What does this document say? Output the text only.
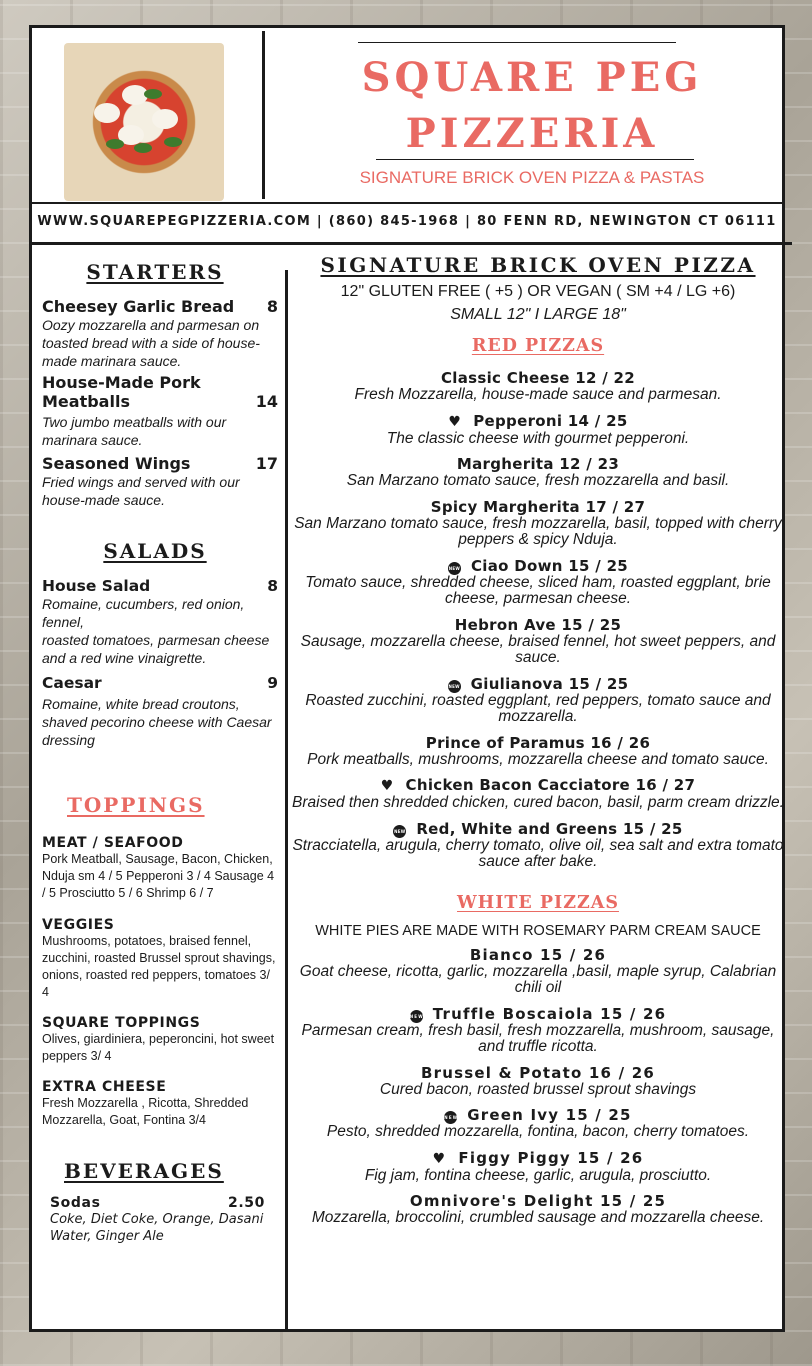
SQUARE PEG
PIZZERIA
SIGNATURE BRICK OVEN PIZZA & PASTAS
WWW.SQUAREPEGPIZZERIA.COM | (860) 845-1968 | 80 FENN RD, NEWINGTON CT 06111
STARTERS
Cheesey Garlic Bread 8
Oozy mozzarella and parmesan on toasted bread with a side of house-made marinara sauce.
House-Made Pork Meatballs	14
Two jumbo meatballs with our marinara sauce.
Seasoned Wings	17
Fried wings and served with our house-made sauce.
SALADS
House Salad	8
Romaine, cucumbers, red onion, fennel,
roasted tomatoes, parmesan cheese and a red wine vinaigrette.
Caesar	9
Romaine, white bread croutons, shaved pecorino cheese with Caesar dressing
TOPPINGS
MEAT / SEAFOOD
Pork Meatball, Sausage, Bacon, Chicken, Nduja sm 4 / 5 Pepperoni 3 / 4 Sausage 4 / 5 Prosciutto 5 / 6 Shrimp 6 / 7
VEGGIES
Mushrooms, potatoes, braised fennel, zucchini, roasted Brussel sprout shavings, onions, roasted red peppers, tomatoes 3/ 4
SQUARE TOPPINGS
Olives, giardiniera, peperoncini, hot sweet peppers 3/ 4
EXTRA CHEESE
Fresh Mozzarella , Ricotta, Shredded Mozzarella, Goat, Fontina 3/4
BEVERAGES
Sodas	2.50
Coke, Diet Coke, Orange, Dasani Water, Ginger Ale
SIGNATURE BRICK OVEN PIZZA
12" GLUTEN FREE ( +5 ) OR VEGAN ( SM +4 / LG +6)
SMALL 12" I LARGE 18"
RED PIZZAS
Classic Cheese 12 / 22
Fresh Mozzarella, house-made sauce and parmesan.
♥ Pepperoni 14 / 25
The classic cheese with gourmet pepperoni.
Margherita 12 / 23
San Marzano tomato sauce, fresh mozzarella and basil.
Spicy Margherita 17 / 27
San Marzano tomato sauce, fresh mozzarella, basil, topped with cherry peppers & spicy Nduja.
NEW Ciao Down 15 / 25
Tomato sauce, shredded cheese, sliced ham, roasted eggplant, brie cheese, parmesan cheese.
Hebron Ave 15 / 25
Sausage, mozzarella cheese, braised fennel, hot sweet peppers, and sauce.
NEW Giulianova 15 / 25
Roasted zucchini, roasted eggplant, red peppers, tomato sauce and mozzarella.
Prince of Paramus 16 / 26
Pork meatballs, mushrooms, mozzarella cheese and tomato sauce.
♥ Chicken Bacon Cacciatore 16 / 27
Braised then shredded chicken, cured bacon, basil, parm cream drizzle.
NEW Red, White and Greens 15 / 25
Stracciatella, arugula, cherry tomato, olive oil, sea salt and extra tomato sauce after bake.
WHITE PIZZAS
WHITE PIES ARE MADE WITH ROSEMARY PARM CREAM SAUCE
Bianco 15 / 26
Goat cheese, ricotta, garlic, mozzarella ,basil, maple syrup, Calabrian chili oil
NEW Truffle Boscaiola 15 / 26
Parmesan cream, fresh basil, fresh mozzarella, mushroom, sausage, and truffle ricotta.
Brussel & Potato 16 / 26
Cured bacon, roasted brussel sprout shavings
NEW Green Ivy 15 / 25
Pesto, shredded mozzarella, fontina, bacon, cherry tomatoes.
♥ Figgy Piggy 15 / 26
Fig jam, fontina cheese, garlic, arugula, prosciutto.
Omnivore's Delight 15 / 25
Mozzarella, broccolini, crumbled sausage and mozzarella cheese.
